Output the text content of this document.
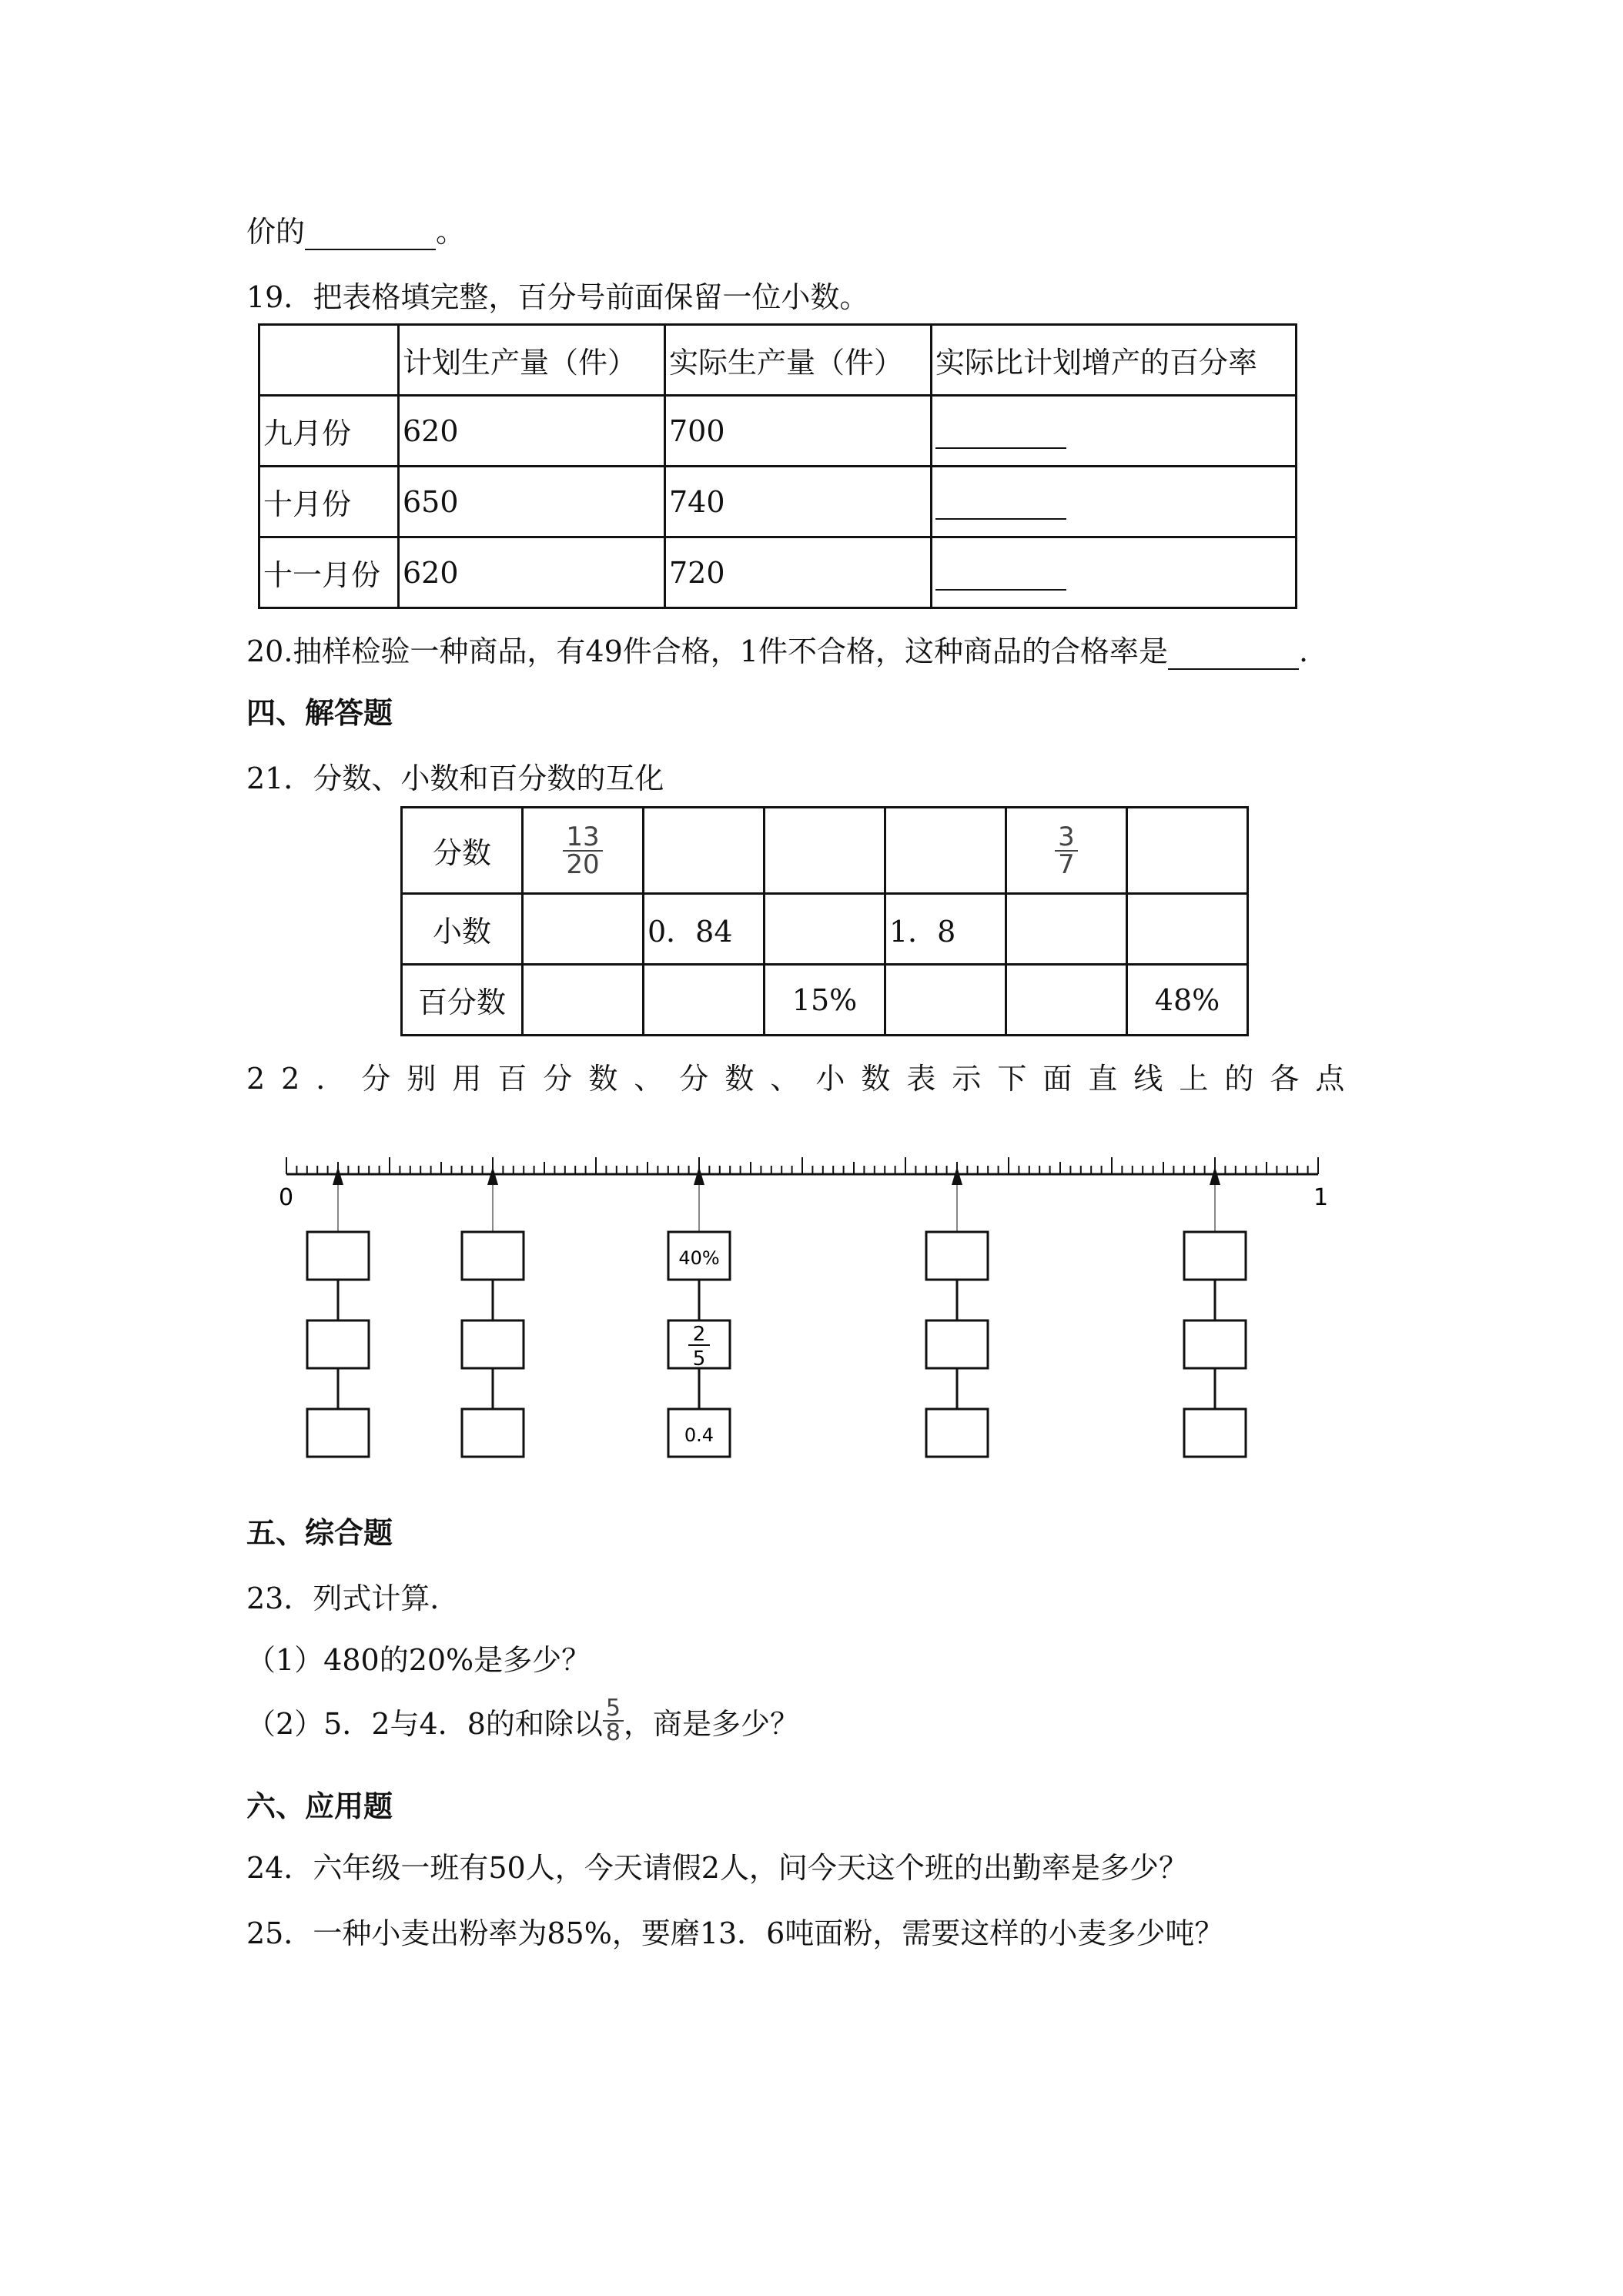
价的	。
19．把表格填完整，百分号前面保留一位小数。
	计划生产量（件）	实际生产量（件）	实际比计划增产的百分率
九月份	620	700	
十月份	650	740	
十一月份	620	720	
20.抽样检验一种商品，有49件合格，1件不合格，这种商品的合格率是	.
四、解答题
21．分数、小数和百分数的互化
分数	$\frac{13}{20}$				$\frac{3}{7}$

小数		0．84		1．8		
百分数			15%			48%
22．分别用百分数、分数、小数表示下面直线上的各点
0	1
40%
2
5
0.4
五、综合题
23．列式计算．
（1）480的20%是多少？
（2）5．2与4．8的和除以 $\frac{5}{8}$ ，商是多少？
六、应用题
24．六年级一班有50人，今天请假2人，问今天这个班的出勤率是多少？
25．一种小麦出粉率为85%，要磨13．6吨面粉，需要这样的小麦多少吨？
